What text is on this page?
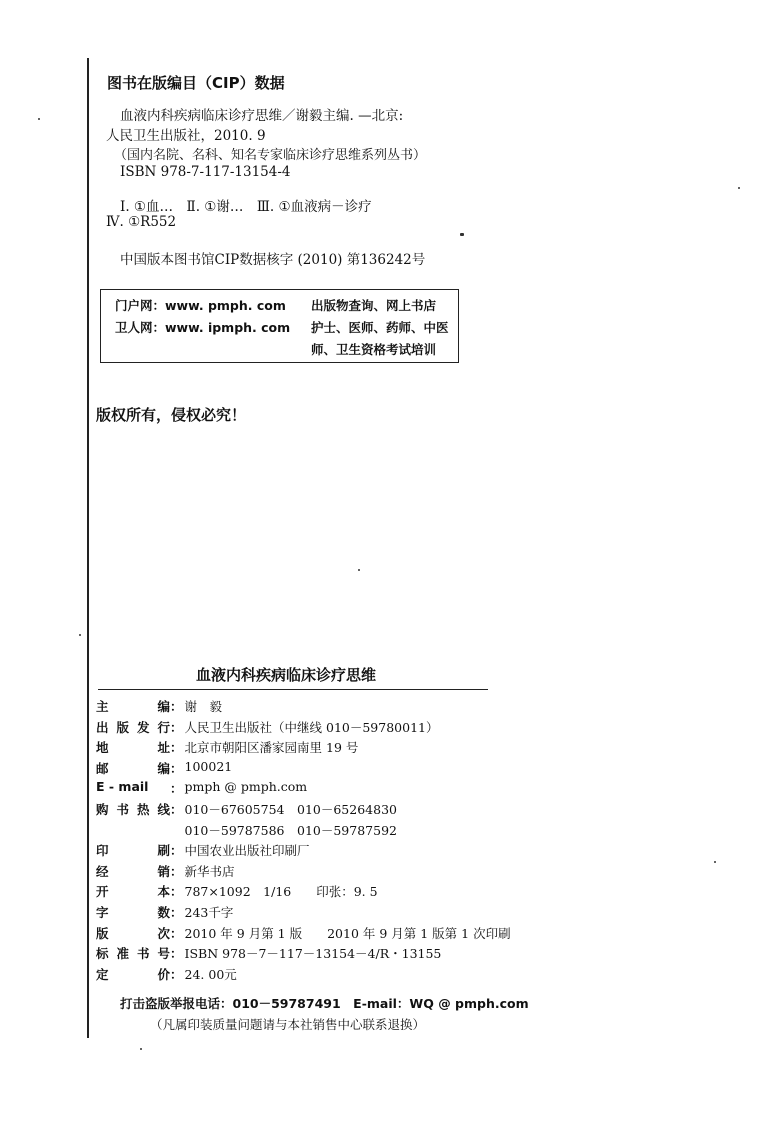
图书在版编目（CIP）数据
血液内科疾病临床诊疗思维／谢毅主编. —北京:
人民卫生出版社，2010. 9
（国内名院、名科、知名专家临床诊疗思维系列丛书）
ISBN 978-7-117-13154-4
Ⅰ. ①血…　Ⅱ. ①谢…　Ⅲ. ①血液病－诊疗
Ⅳ. ①R552
中国版本图书馆CIP数据核字 (2010) 第136242号
门户网：www. pmph. com 出版物查询、网上书店
卫人网：www. ipmph. com 护士、医师、药师、中医
师、卫生资格考试培训
版权所有，侵权必究！
血液内科疾病临床诊疗思维
主	编 ： 谢　毅
出 版 发 行 ： 人民卫生出版社（中继线 010－59780011）
地	址 ： 北京市朝阳区潘家园南里 19 号
邮	编 ： 100021
E - mail ： pmph @ pmph.com
购 书 热 线 ： 010－67605754　010－65264830

010－59787586　010－59787592
印	刷 ： 中国农业出版社印刷厂
经	销 ： 新华书店
开	本 ： 787×1092　1/16　　印张：9. 5
字	数 ： 243千字
版	次 ： 2010 年 9 月第 1 版　　2010 年 9 月第 1 版第 1 次印刷
标 准 书 号 ： ISBN 978－7－117－13154－4/R・13155
定	价 ： 24. 00元
打击盗版举报电话：010－59787491　E-mail：WQ @ pmph.com
（凡属印装质量问题请与本社销售中心联系退换）
